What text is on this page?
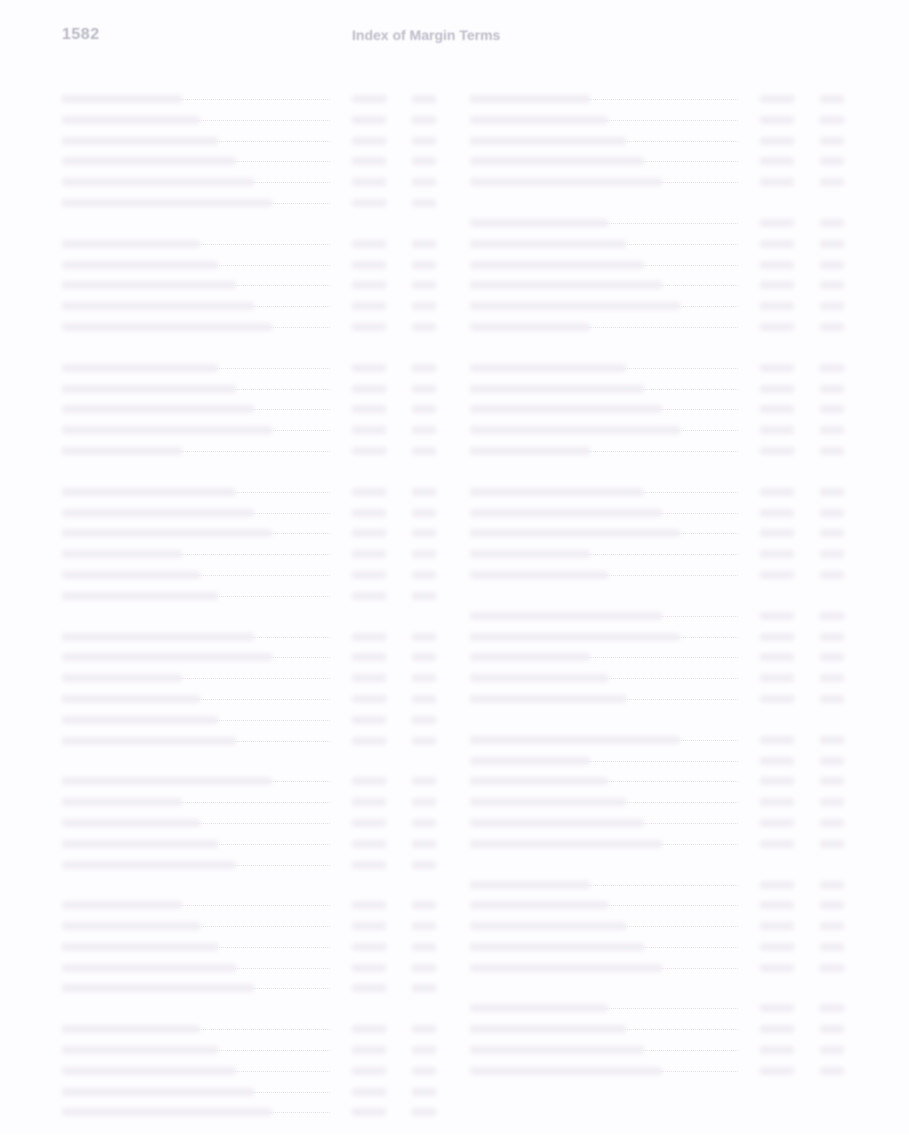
1582	Index of Margin Terms
